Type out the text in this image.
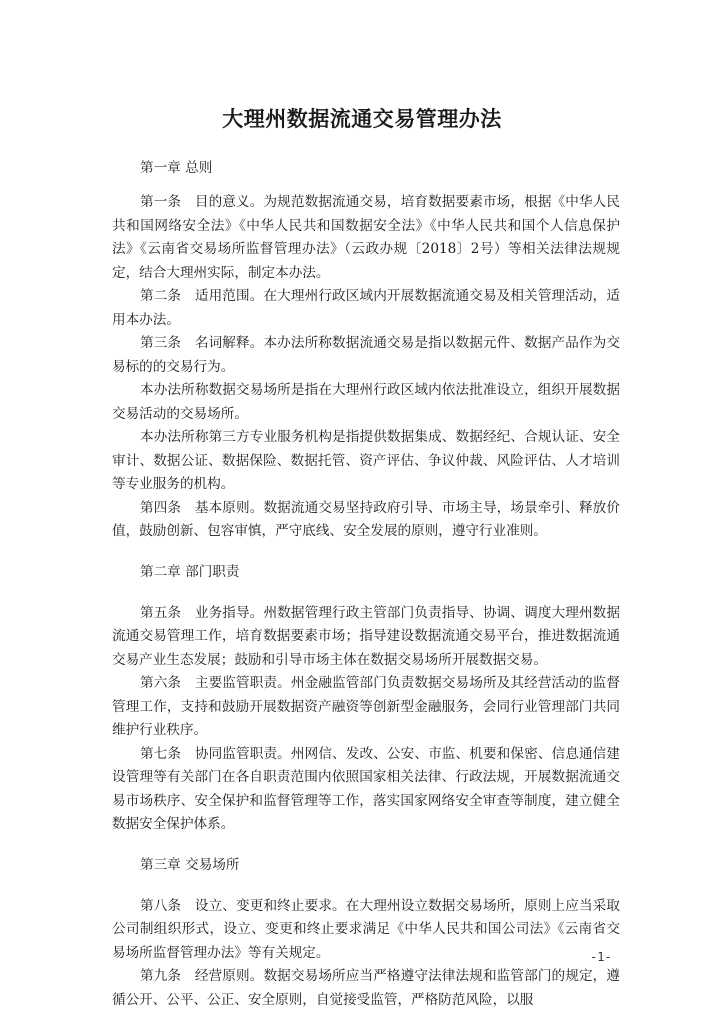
大理州数据流通交易管理办法

第一章 总则

第一条　目的意义。为规范数据流通交易，培育数据要素市场，根据《中华人民共和国网络安全法》《中华人民共和国数据安全法》《中华人民共和国个人信息保护法》《云南省交易场所监督管理办法》（云政办规〔2018〕2号）等相关法律法规规定，结合大理州实际，制定本办法。

第二条　适用范围。在大理州行政区域内开展数据流通交易及相关管理活动，适用本办法。

第三条　名词解释。本办法所称数据流通交易是指以数据元件、数据产品作为交易标的的交易行为。

本办法所称数据交易场所是指在大理州行政区域内依法批准设立，组织开展数据交易活动的交易场所。

本办法所称第三方专业服务机构是指提供数据集成、数据经纪、合规认证、安全审计、数据公证、数据保险、数据托管、资产评估、争议仲裁、风险评估、人才培训等专业服务的机构。

第四条　基本原则。数据流通交易坚持政府引导、市场主导，场景牵引、释放价值，鼓励创新、包容审慎，严守底线、安全发展的原则，遵守行业准则。

第二章 部门职责

第五条　业务指导。州数据管理行政主管部门负责指导、协调、调度大理州数据流通交易管理工作，培育数据要素市场；指导建设数据流通交易平台，推进数据流通交易产业生态发展；鼓励和引导市场主体在数据交易场所开展数据交易。

第六条　主要监管职责。州金融监管部门负责数据交易场所及其经营活动的监督管理工作，支持和鼓励开展数据资产融资等创新型金融服务，会同行业管理部门共同维护行业秩序。

第七条　协同监管职责。州网信、发改、公安、市监、机要和保密、信息通信建设管理等有关部门在各自职责范围内依照国家相关法律、行政法规，开展数据流通交易市场秩序、安全保护和监督管理等工作，落实国家网络安全审查等制度，建立健全数据安全保护体系。

第三章 交易场所

第八条　设立、变更和终止要求。在大理州设立数据交易场所，原则上应当采取公司制组织形式，设立、变更和终止要求满足《中华人民共和国公司法》《云南省交易场所监督管理办法》等有关规定。

第九条　经营原则。数据交易场所应当严格遵守法律法规和监管部门的规定，遵循公开、公平、公正、安全原则，自觉接受监管，严格防范风险，以服

-1-
